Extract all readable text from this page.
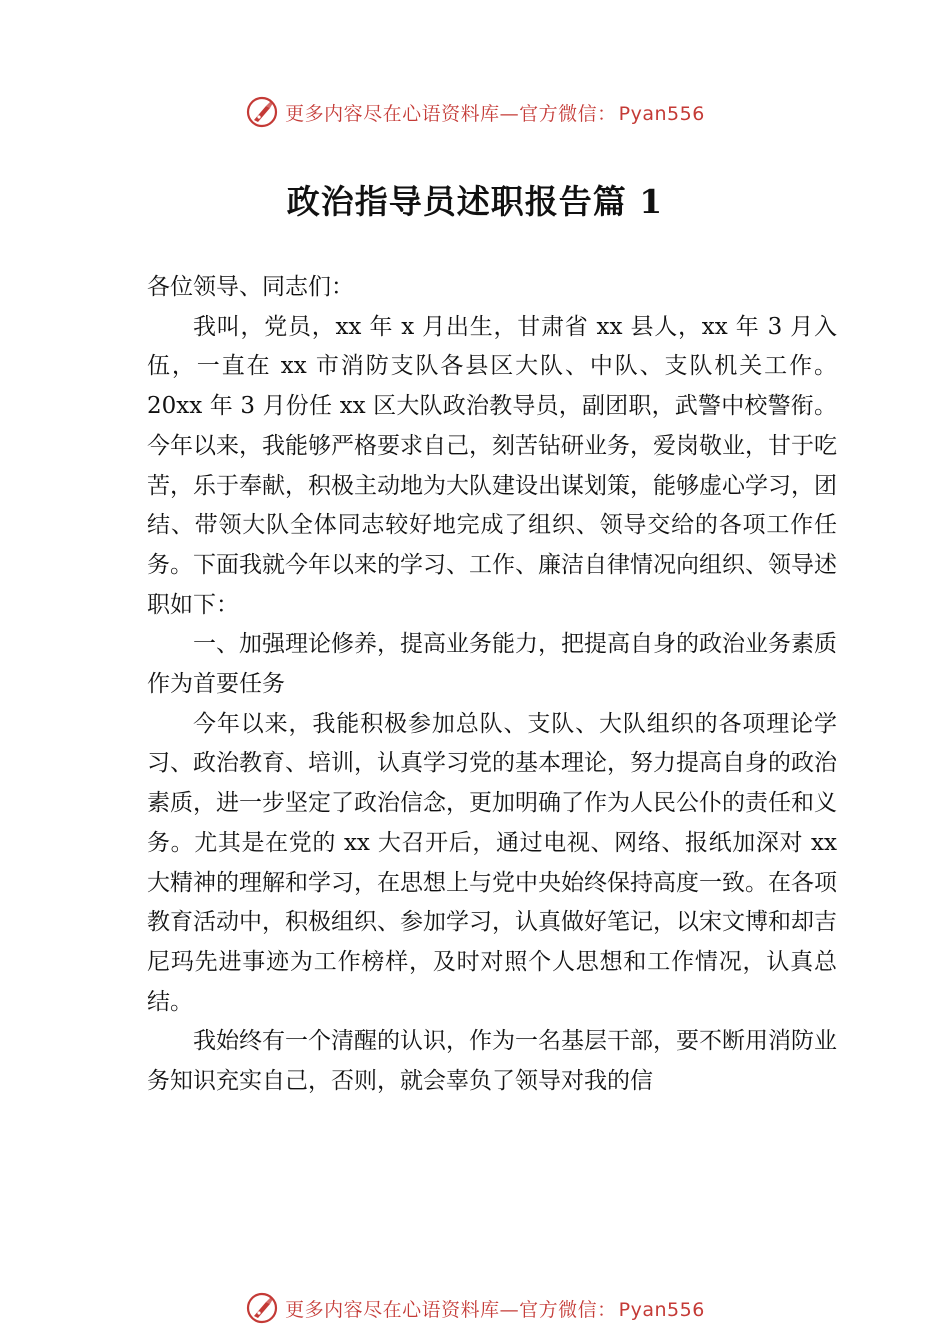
更多内容尽在心语资料库—官方微信： Pyan556
政治指导员述职报告篇 1

各位领导、同志们：

我叫，党员，xx 年 x 月出生，甘肃省 xx 县人，xx 年 3 月入伍，一直在 xx 市消防支队各县区大队、中队、支队机关工作。20xx 年 3 月份任 xx 区大队政治教导员，副团职，武警中校警衔。今年以来，我能够严格要求自己，刻苦钻研业务，爱岗敬业，甘于吃苦，乐于奉献，积极主动地为大队建设出谋划策，能够虚心学习，团结、带领大队全体同志较好地完成了组织、领导交给的各项工作任务。下面我就今年以来的学习、工作、廉洁自律情况向组织、领导述职如下：

一、加强理论修养，提高业务能力，把提高自身的政治业务素质作为首要任务

今年以来，我能积极参加总队、支队、大队组织的各项理论学习、政治教育、培训，认真学习党的基本理论，努力提高自身的政治素质，进一步坚定了政治信念，更加明确了作为人民公仆的责任和义务。尤其是在党的 xx 大召开后，通过电视、网络、报纸加深对 xx 大精神的理解和学习，在思想上与党中央始终保持高度一致。在各项教育活动中，积极组织、参加学习，认真做好笔记，以宋文博和却吉尼玛先进事迹为工作榜样，及时对照个人思想和工作情况，认真总结。

我始终有一个清醒的认识，作为一名基层干部，要不断用消防业务知识充实自己，否则，就会辜负了领导对我的信

更多内容尽在心语资料库—官方微信： Pyan556
